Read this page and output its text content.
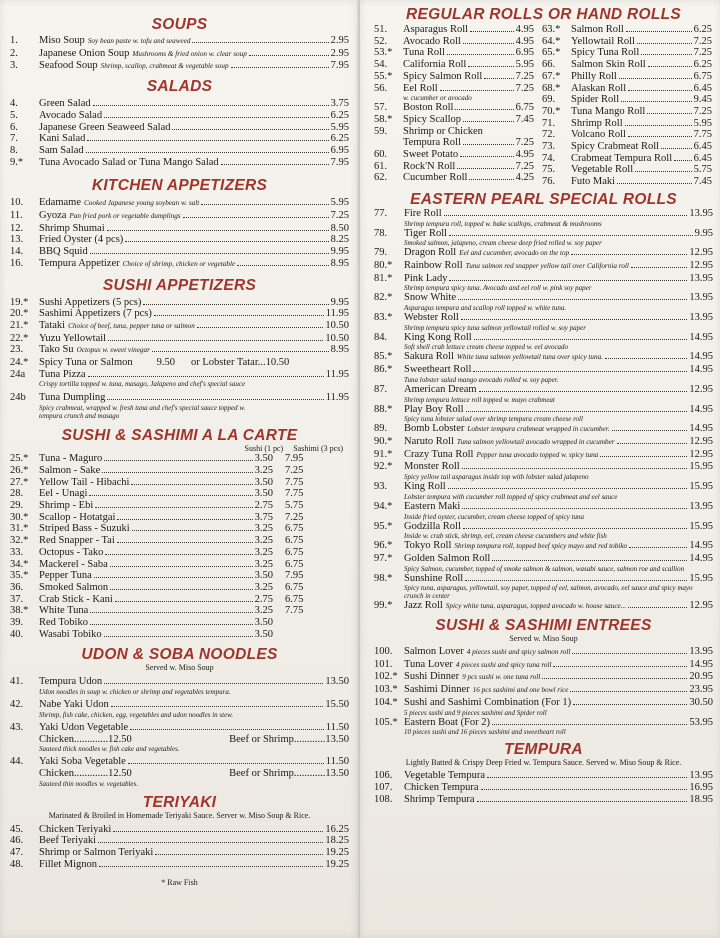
SOUPS
1.	Miso Soup Soy bean paste w. tofu and seaweed	2.95
2.	Japanese Onion Soup Mushrooms & fried onion w. clear soup	2.95
3.	Seafood Soup Shrimp, scallop, crabmeat & vegetable soup	7.95
SALADS
4.	Green Salad	3.75
5.	Avocado Salad	6.25
6.	Japanese Green Seaweed Salad	5.95
7.	Kani Salad	6.25
8.	Sam Salad	6.95
9.*	Tuna Avocado Salad or Tuna Mango Salad	7.95
KITCHEN APPETIZERS
10.	Edamame Cooked Japanese young soybean w. salt	5.95
11.	Gyoza Pan fried pork or vegetable dumplings	7.25
12.	Shrimp Shumai	8.50
13.	Fried Oyster (4 pcs)	8.25
14.	BBQ Squid	9.95
16.	Tempura Appetizer Choice of shrimp, chicken or vegetable	8.95
SUSHI APPETIZERS
19.*	Sushi Appetizers (5 pcs)	9.95
20.*	Sashimi Appetizers (7 pcs)	11.95
21.*	Tataki Choice of beef, tuna, pepper tuna or salmon	10.50
22.*	Yuzu Yellowtail	10.50
23.	Tako Su Octopus w. sweet vinegar	8.95
24.*	Spicy Tuna or Salmon 9.50 or Lobster Tatar... 10.50
24a	Tuna Pizza	11.95
Crispy tortilla topped w. tuna, masago, Jalapeno and chef's special sauce
24b	Tuna Dumpling	11.95
Spicy crabmeat, wrapped w. fresh tuna and chef's special sauce topped w.
tempura crunch and masago
SUSHI & SASHIMI A LA CARTE
Sushi (1 pc) Sashimi (3 pcs)
25.*	Tuna - Maguro	3.50	7.95
26.*	Salmon - Sake	3.25	7.25
27.*	Yellow Tail - Hibachi	3.50	7.75
28.	Eel - Unagi	3.50	7.75
29.	Shrimp - Ebi	2.75	5.75
30.*	Scallop - Hotatgai	3.75	7.25
31.*	Striped Bass - Suzuki	3.25	6.75
32.*	Red Snapper - Tai	3.25	6.75
33.	Octopus - Tako	3.25	6.75
34.*	Mackerel - Saba	3.25	6.75
35.*	Pepper Tuna	3.50	7.95
36.	Smoked Salmon	3.25	6.75
37.	Crab Stick - Kani	2.75	6.75
38.*	White Tuna	3.25	7.75
39.	Red Tobiko	3.50
40.	Wasabi Tobiko	3.50
UDON & SOBA NOODLES
Served w. Miso Soup
41.	Tempura Udon	13.50
Udon noodles in soup w. chicken or shrimp and vegetables tempura.
42.	Nabe Yaki Udon	15.50
Shrimp, fish cake, chicken, egg, vegetables and udon noodles in stew.
43.	Yaki Udon Vegetable	11.50
Chicken.............12.50	Beef or Shrimp............13.50
Sauteed thick noodles w. fish cake and vegetables.
44.	Yaki Soba Vegetable	11.50
Chicken.............12.50	Beef or Shrimp............13.50
Sauteed thin noodles w. vegetables.
TERIYAKI
Marinated & Broiled in Homemade Teriyaki Sauce. Server w. Miso Soup & Rice.
45.	Chicken Teriyaki	16.25
46.	Beef Teriyaki	18.25
47.	Shrimp or Salmon Teriyaki	19.25
48.	Fillet Mignon	19.25
* Raw Fish
REGULAR ROLLS OR HAND ROLLS
51.	Asparagus Roll	4.95
52.	Avocado Roll	4.95
53.*	Tuna Roll	6.95
54.	California Roll	5.95
55.*	Spicy Salmon Roll	7.25
56.	Eel Roll	7.25
w. cucumber or avocado
57.	Boston Roll	6.75
58.*	Spicy Scallop	7.45
59.	Shrimp or Chicken
Tempura Roll	7.25
60.	Sweet Potato	4.95
61.	Rock'N Roll	7.25
62.	Cucumber Roll	4.25
63.*	Salmon Roll	6.25
64.*	Yellowtail Roll	7.25
65.*	Spicy Tuna Roll	7.25
66.	Salmon Skin Roll	6.25
67.*	Philly Roll	6.75
68.*	Alaskan Roll	6.45
69.	Spider Roll	9.45
70.*	Tuna Mango Roll	7.25
71.	Shrimp Roll	5.95
72.	Volcano Roll	7.75
73.	Spicy Crabmeat Roll	6.45
74.	Crabmeat Tempura Roll 6.45
75.	Vegetable Roll	5.75
76.	Futo Maki	7.45
EASTERN PEARL SPECIAL ROLLS
77.	Fire Roll	13.95
Shrimp tempura roll, topped w. bake scallops, crabmeat & mushrooms
78.	Tiger Roll	9.95
Smoked salmon, jalapeno, cream cheese deep fried rolled w. soy paper
79.	Dragon Roll Eel and cucumber, avocado on the top	12.95
80.*	Rainbow Roll Tuna salmon red snapper yellow tail over California roll	12.95
81.*	Pink Lady	13.95
Shrimp tempura spicy tuna. Avocado and eel roll w. pink soy paper
82.*	Snow White	13.95
Asparagus tempura and scallop roll topped w. white tuna.
83.*	Webster Roll	13.95
Shrimp tempura spicy tuna salmon yellowtail rolled w. soy paper
84.	King Kong Roll	14.95
Soft shell crab lettuce cream cheese topped w. eel avocado
85.*	Sakura Roll White tuna salmon yellowtail tuna over spicy tuna.	14.95
86.*	Sweetheart Roll	14.95
Tuna lobster salad mango avocado rolled w. soy paper.
87.	American Dream	12.95
Shrimp tempura lettuce roll topped w. mayo crabmeat
88.*	Play Boy Roll	14.95
Spicy tuna lobster salad over shrimp tempura cream cheese roll
89.	Bomb Lobster Lobster tempura crabmeat wrapped in cucumber.	14.95
90.*	Naruto Roll Tuna salmon yellowtail avocado wrapped in cucumber	12.95
91.*	Crazy Tuna Roll Pepper tuna avocado topped w. spicy tuna	12.95
92.*	Monster Roll	15.95
Spicy yellow tail asparagus inside top with lobster salad jalapeno
93.	King Roll	15.95
Lobster tempura with cucumber roll topped of spicy crabmeat and eel sauce
94.*	Eastern Maki	13.95
Inside fried oyster, cucumber, cream cheese topped of spicy tuna
95.*	Godzilla Roll	15.95
Inside w. crab stick, shrimp, eel, cream cheese cucumbers and white fish
96.*	Tokyo Roll Shrimp tempura roll, topped beef spicy mayo and red tobiko	14.95
97.*	Golden Salmon Roll	14.95
Spicy Salmon, cucumber, topped of smoke salmon & salmon, wasabi sauce, salmon roe and scallion
98.*	Sunshine Roll	15.95
Spicy tuna, asparagus, yellowtail, soy paper, topped of eel, salmon, avocado, eel sauce and spicy mayo crunch in center
99.*	Jazz Roll Spicy white tuna, asparagus, topped avocado w. house sauce...	12.95
SUSHI & SASHIMI ENTREES
Served w. Miso Soup
100.	Salmon Lover 4 pieces sushi and spicy salmon roll	13.95
101.	Tuna Lover 4 pieces sushi and spicy tuna roll	14.95
102.* Sushi Dinner 9 pcs sushi w. one tuna roll	20.95
103.* Sashimi Dinner 16 pcs sashimi and one bowl rice	23.95
104.* Sushi and Sashimi Combination (For 1)	30.50
5 pieces sushi and 9 pieces sashimi and Spider roll
105.* Eastern Boat (For 2)	53.95
10 pieces sushi and 16 pieces sashimi and sweetheart roll
TEMPURA
Lightly Batted & Crispy Deep Fried w. Tempura Sauce. Served w. Miso Soup & Rice.
106.	Vegetable Tempura	13.95
107.	Chicken Tempura	16.95
108.	Shrimp Tempura	18.95
